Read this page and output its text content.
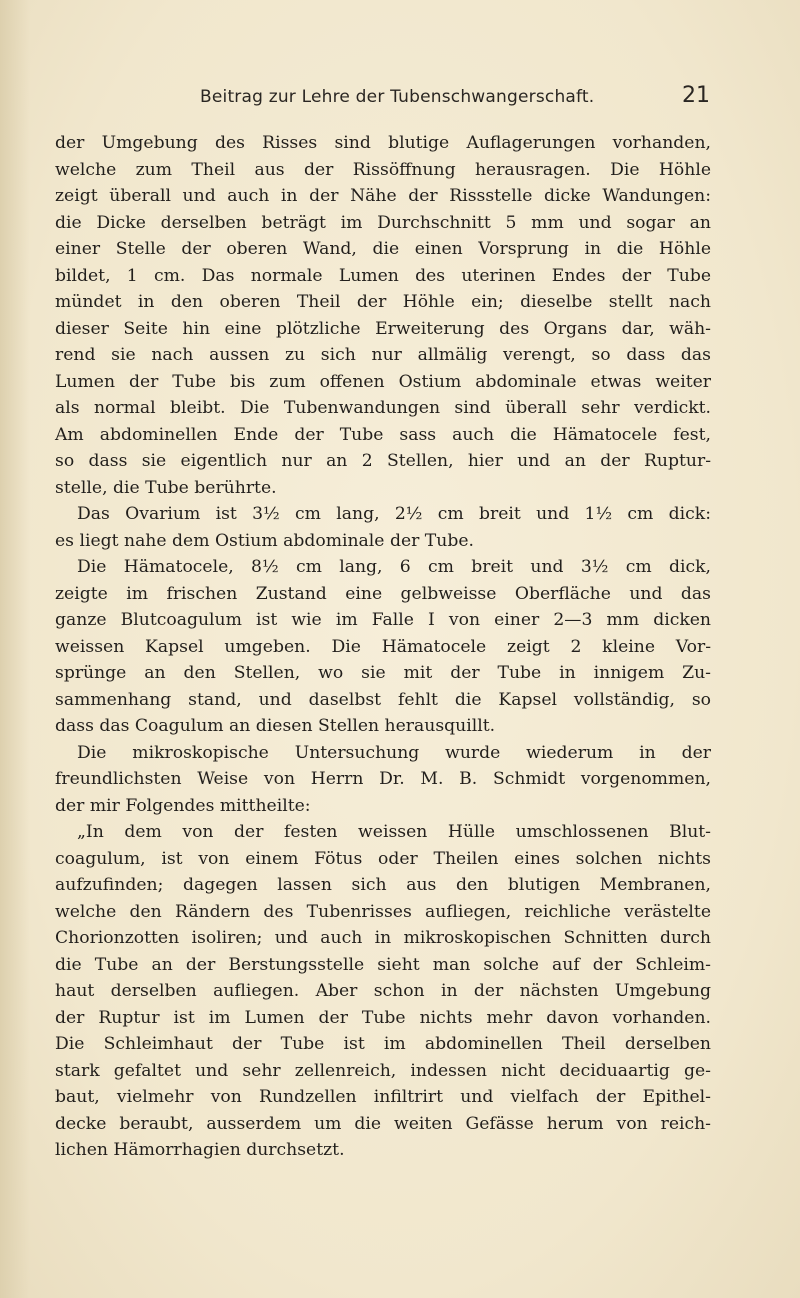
Beitrag zur Lehre der Tubenschwangerschaft.	21
der Umgebung des Risses sind blutige Auflagerungen vorhanden,
welche zum Theil aus der Rissöffnung herausragen. Die Höhle
zeigt überall und auch in der Nähe der Rissstelle dicke Wandungen:
die Dicke derselben beträgt im Durchschnitt 5 mm und sogar an
einer Stelle der oberen Wand, die einen Vorsprung in die Höhle
bildet, 1 cm. Das normale Lumen des uterinen Endes der Tube
mündet in den oberen Theil der Höhle ein; dieselbe stellt nach
dieser Seite hin eine plötzliche Erweiterung des Organs dar, wäh-
rend sie nach aussen zu sich nur allmälig verengt, so dass das
Lumen der Tube bis zum offenen Ostium abdominale etwas weiter
als normal bleibt. Die Tubenwandungen sind überall sehr verdickt.
Am abdominellen Ende der Tube sass auch die Hämatocele fest,
so dass sie eigentlich nur an 2 Stellen, hier und an der Ruptur-
stelle, die Tube berührte.
Das Ovarium ist 3½ cm lang, 2½ cm breit und 1½ cm dick:
es liegt nahe dem Ostium abdominale der Tube.
Die Hämatocele, 8½ cm lang, 6 cm breit und 3½ cm dick,
zeigte im frischen Zustand eine gelbweisse Oberfläche und das
ganze Blutcoagulum ist wie im Falle I von einer 2—3 mm dicken
weissen Kapsel umgeben. Die Hämatocele zeigt 2 kleine Vor-
sprünge an den Stellen, wo sie mit der Tube in innigem Zu-
sammenhang stand, und daselbst fehlt die Kapsel vollständig, so
dass das Coagulum an diesen Stellen herausquillt.
Die mikroskopische Untersuchung wurde wiederum in der
freundlichsten Weise von Herrn Dr. M. B. Schmidt vorgenommen,
der mir Folgendes mittheilte:
„In dem von der festen weissen Hülle umschlossenen Blut-
coagulum, ist von einem Fötus oder Theilen eines solchen nichts
aufzufinden; dagegen lassen sich aus den blutigen Membranen,
welche den Rändern des Tubenrisses aufliegen, reichliche verästelte
Chorionzotten isoliren; und auch in mikroskopischen Schnitten durch
die Tube an der Berstungsstelle sieht man solche auf der Schleim-
haut derselben aufliegen. Aber schon in der nächsten Umgebung
der Ruptur ist im Lumen der Tube nichts mehr davon vorhanden.
Die Schleimhaut der Tube ist im abdominellen Theil derselben
stark gefaltet und sehr zellenreich, indessen nicht deciduaartig ge-
baut, vielmehr von Rundzellen infiltrirt und vielfach der Epithel-
decke beraubt, ausserdem um die weiten Gefässe herum von reich-
lichen Hämorrhagien durchsetzt.
